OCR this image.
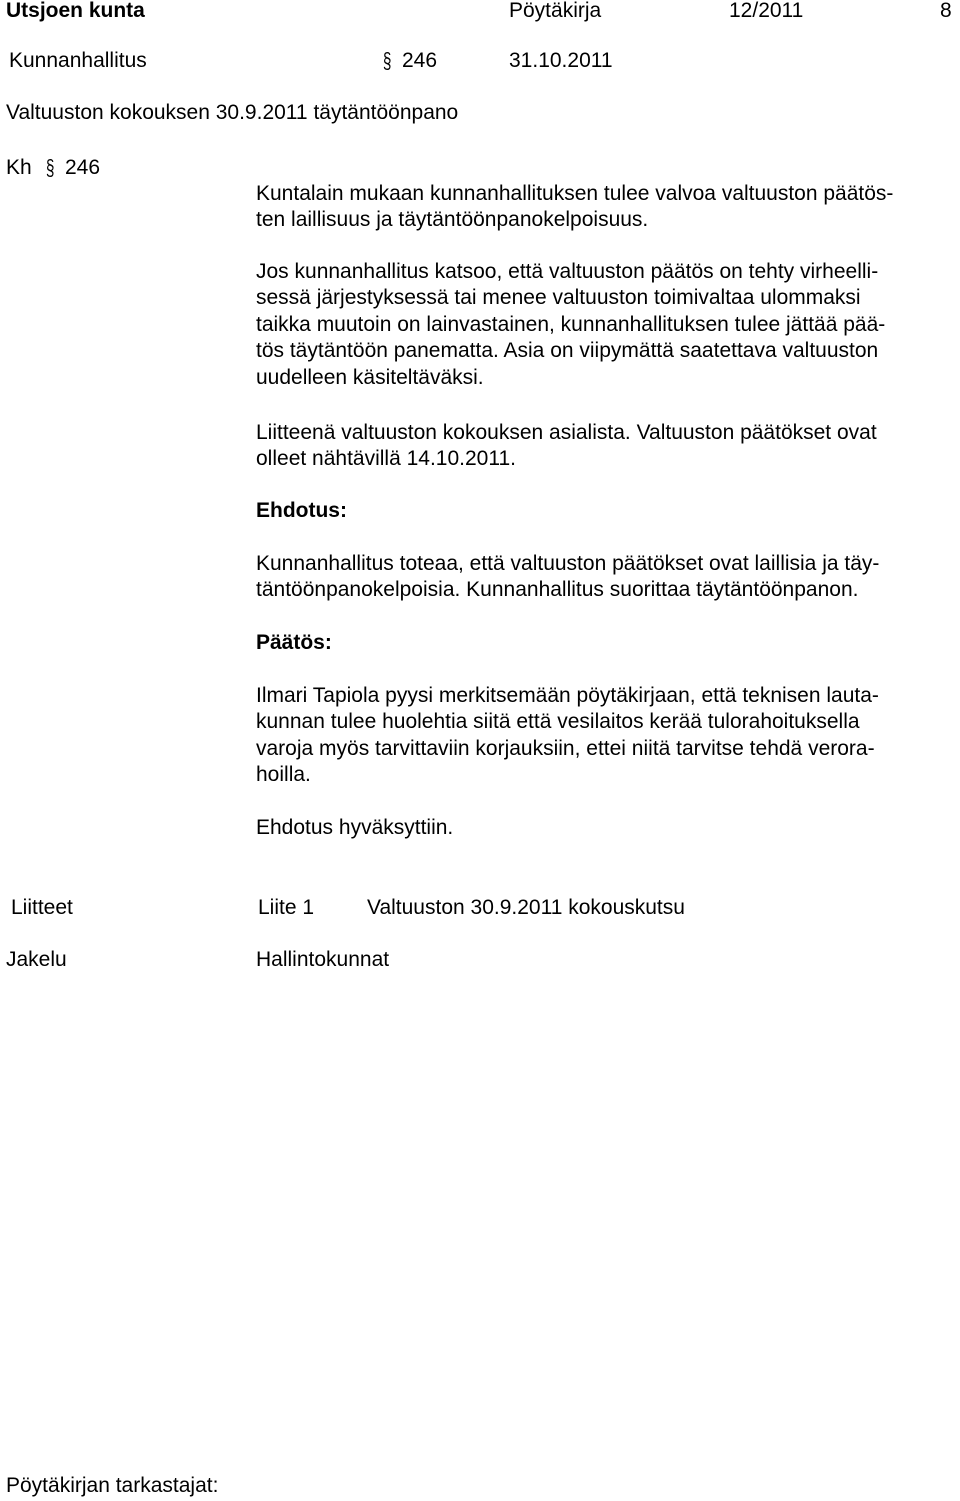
Utsjoen kunta	Pöytäkirja	12/2011	8
Kunnanhallitus	§ 246	31.10.2011
Valtuuston kokouksen 30.9.2011 täytäntöönpano
Kh § 246
Kuntalain mukaan kunnanhallituksen tulee valvoa valtuuston päätös-
ten laillisuus ja täytäntöönpanokelpoisuus.
Jos kunnanhallitus katsoo, että valtuuston päätös on tehty virheelli-
sessä järjestyksessä tai menee valtuuston toimivaltaa ulommaksi
taikka muutoin on lainvastainen, kunnanhallituksen tulee jättää pää-
tös täytäntöön panematta. Asia on viipymättä saatettava valtuuston
uudelleen käsiteltäväksi.
Liitteenä valtuuston kokouksen asialista. Valtuuston päätökset ovat
olleet nähtävillä 14.10.2011.
Ehdotus:
Kunnanhallitus toteaa, että valtuuston päätökset ovat laillisia ja täy-
täntöönpanokelpoisia. Kunnanhallitus suorittaa täytäntöönpanon.
Päätös:
Ilmari Tapiola pyysi merkitsemään pöytäkirjaan, että teknisen lauta-
kunnan tulee huolehtia siitä että vesilaitos kerää tulorahoituksella
varoja myös tarvittaviin korjauksiin, ettei niitä tarvitse tehdä verora-
hoilla.
Ehdotus hyväksyttiin.
Liitteet	Liite 1	Valtuuston 30.9.2011 kokouskutsu
Jakelu	Hallintokunnat
Pöytäkirjan tarkastajat:
